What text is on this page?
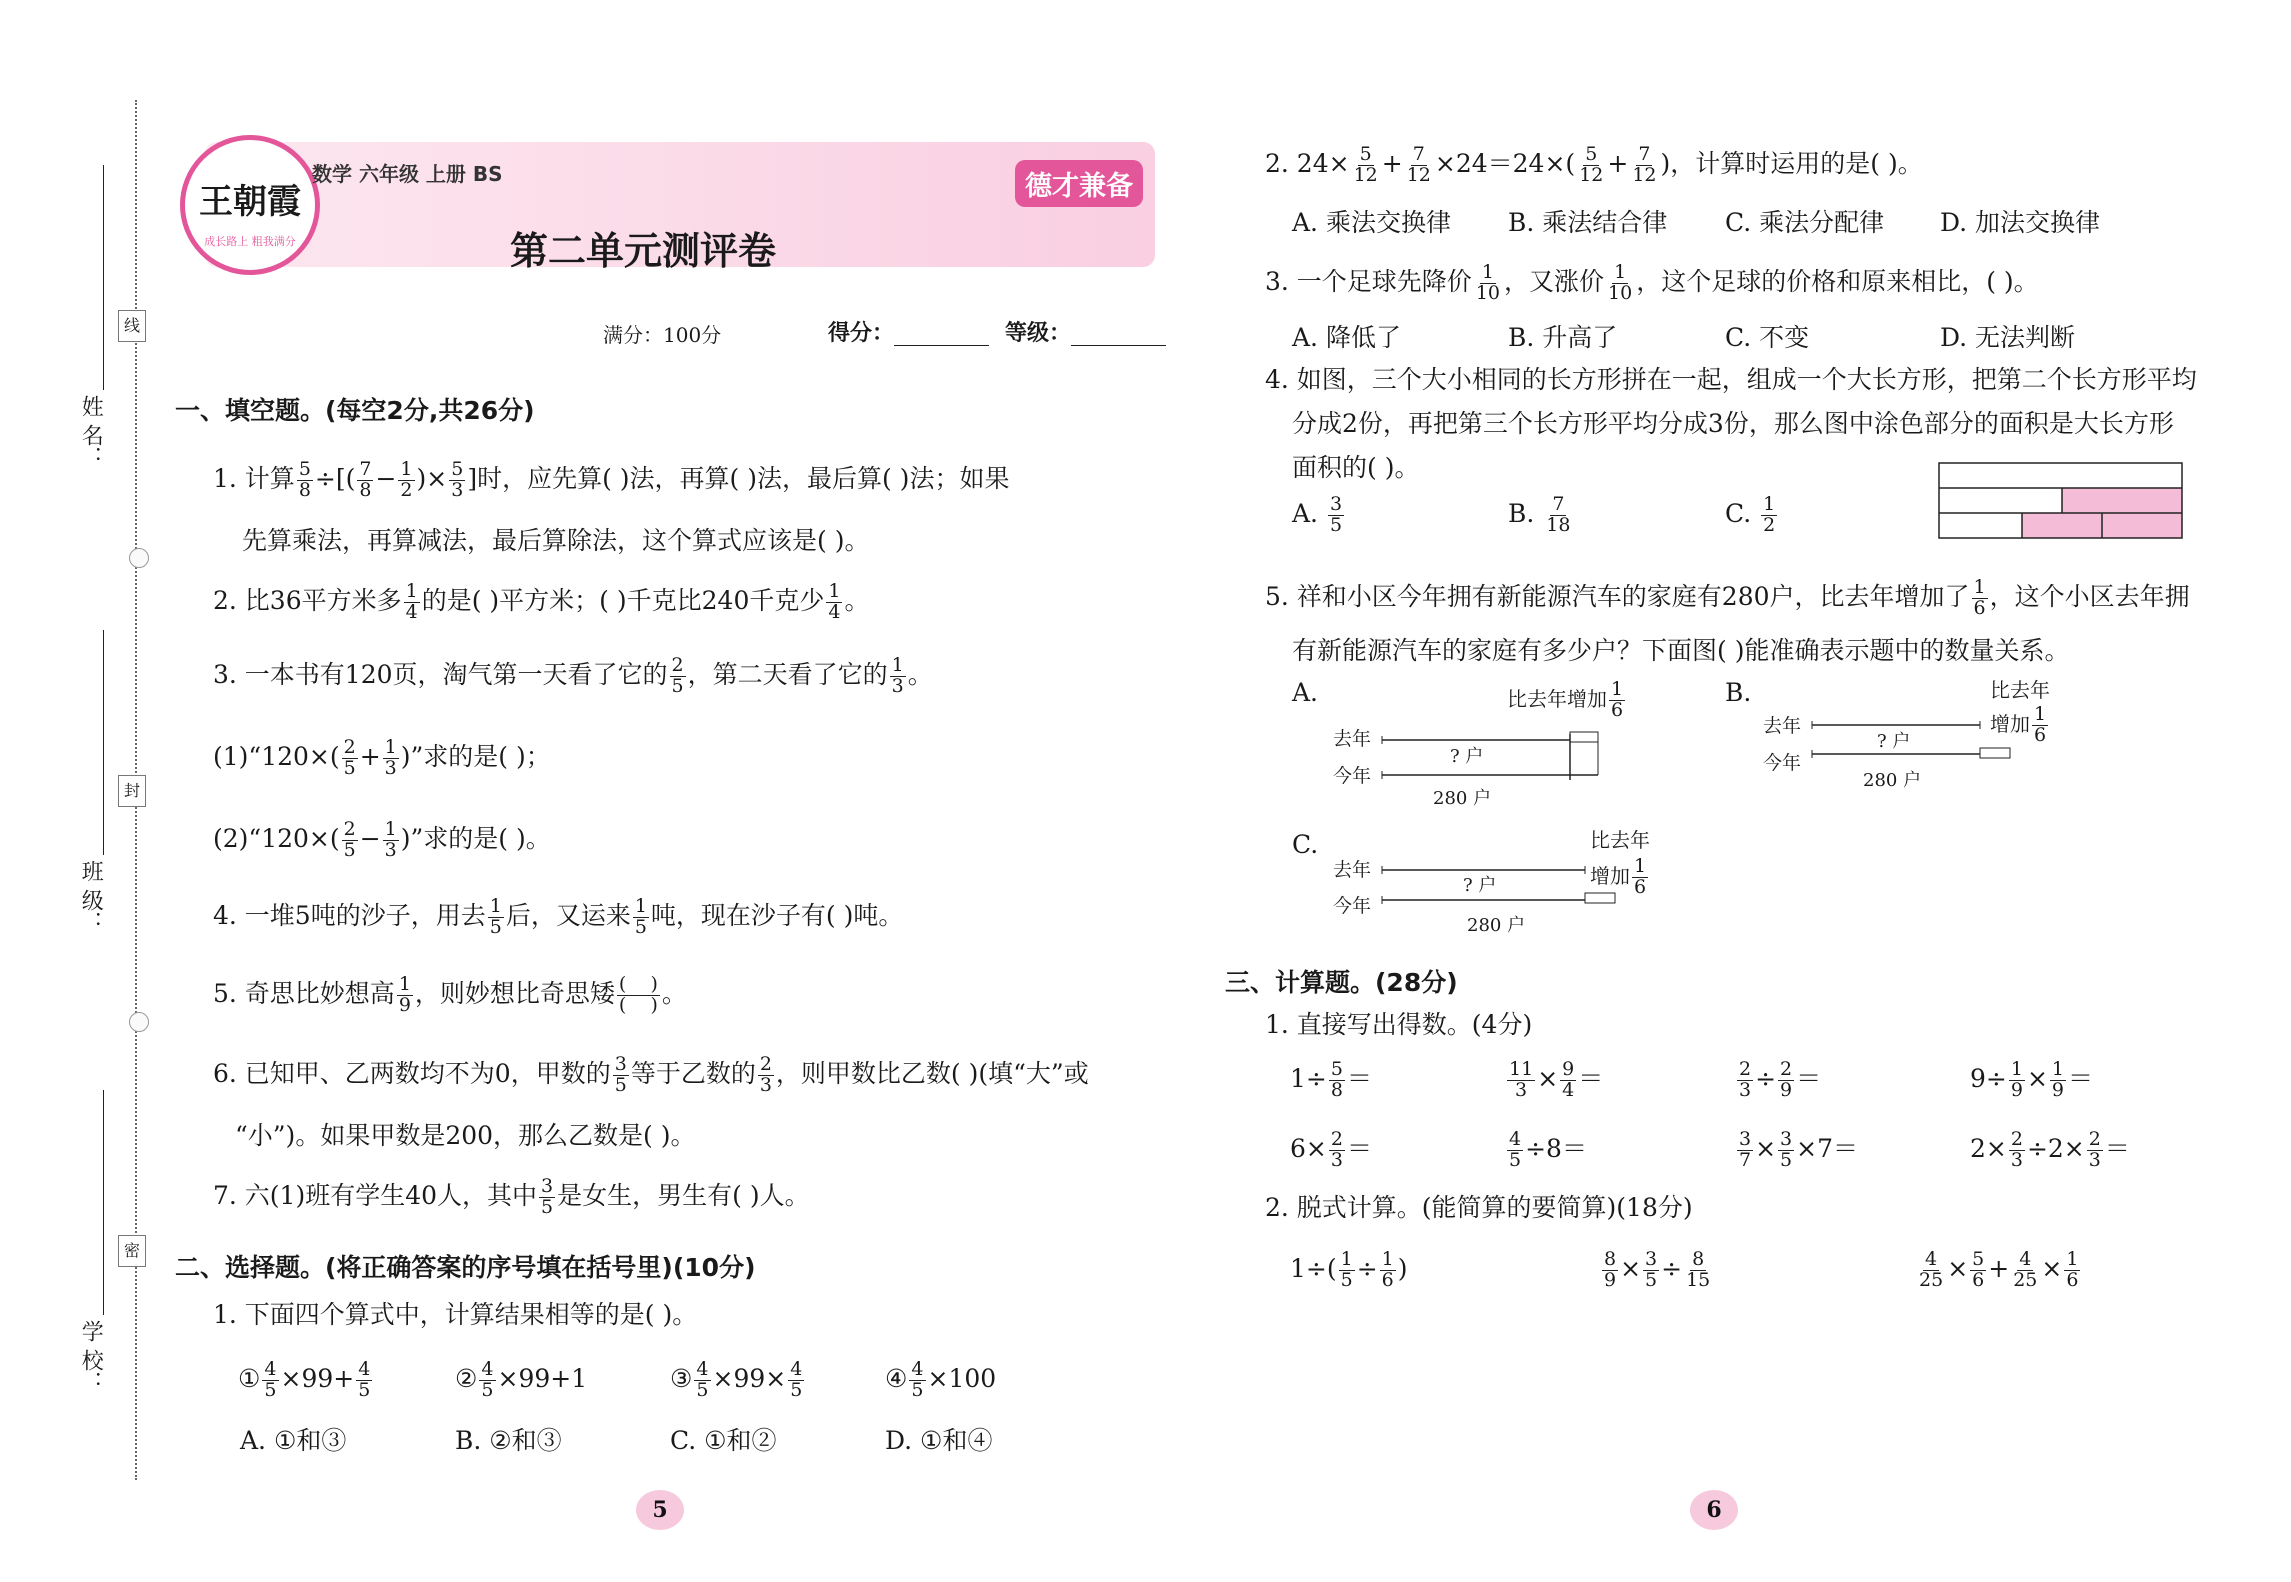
线
封
密
姓 名：
班 级：
学 校：
王朝霞
成长路上 粗我满分
数学 六年级 上册 BS	德才兼备
第二单元测评卷
满分：100分	得分：	等级：
一、填空题。(每空2分,共26分)
1. 计算 $\frac{5}{8}$ ÷[( $\frac{7}{8} - \frac{1}{2}$ )× $\frac{5}{3}$ ]时，应先算( )法，再算( )法，最后算( )法；如果
先算乘法，再算减法，最后算除法，这个算式应该是( )。
2. 比36平方米多 $\frac{1}{4}$ 的是( )平方米；( )千克比240千克少 $\frac{1}{4}$ 。
3. 一本书有120页，淘气第一天看了它的 $\frac{2}{5}$ ，第二天看了它的 $\frac{1}{3}$ 。
(1)“120×( $\frac{2}{5} + \frac{1}{3}$ )”求的是( )；
(2)“120×( $\frac{2}{5} - \frac{1}{3}$ )”求的是( )。
4. 一堆5吨的沙子，用去 $\frac{1}{5}$ 后，又运来 $\frac{1}{5}$ 吨，现在沙子有( )吨。
5. 奇思比妙想高 $\frac{1}{9}$ ，则妙想比奇思矮 (    )
(    ) 。
6. 已知甲、乙两数均不为0，甲数的 $\frac{3}{5}$ 等于乙数的 $\frac{2}{3}$ ，则甲数比乙数( )(填“大”或
“小”)。如果甲数是200，那么乙数是( )。
7. 六(1)班有学生40人，其中 $\frac{3}{5}$ 是女生，男生有( )人。
二、选择题。(将正确答案的序号填在括号里)(10分)
1. 下面四个算式中，计算结果相等的是( )。
① $\frac{4}{5} \times 99+ \frac{4}{5}$	② $\frac{4}{5} \times 99+1$	③ $\frac{4}{5} \times 99\times \frac{4}{5}$	④ $\frac{4}{5} \times 100$
A. ①和③	B. ②和③	C. ①和②	D. ①和④
5
2. $24\times \frac{5}{12} + \frac{7}{12} \times 24=24\times( \frac{5}{12} + \frac{7}{12}$ )，计算时运用的是( )。
A. 乘法交换律 B. 乘法结合律 C. 乘法分配律 D. 加法交换律
3. 一个足球先降价 $\frac{1}{10}$ ，又涨价 $\frac{1}{10}$ ，这个足球的价格和原来相比，( )。
A. 降低了	B. 升高了	C. 不变	D. 无法判断
4. 如图，三个大小相同的长方形拼在一起，组成一个大长方形，把第二个长方形平均
分成2份，再把第三个长方形平均分成3份，那么图中涂色部分的面积是大长方形
面积的( )。
A. $\frac{3}{5}$	B. $\frac{7}{18}$	C. $\frac{1}{2}$
5. 祥和小区今年拥有新能源汽车的家庭有280户，比去年增加了 $\frac{1}{6}$ ，这个小区去年拥
有新能源汽车的家庭有多少户？下面图( )能准确表示题中的数量关系。
A.	比去年增加 $\frac{1}{6}$
去年
今年
? 户
280 户
B.	比去年
增加 $\frac{1}{6}$
去年
今年
? 户
280 户
C.	比去年
增加 $\frac{1}{6}$
去年
今年
? 户
280 户
三、计算题。(28分)
1. 直接写出得数。(4分)
$1\div \frac{5}{8}$ ＝	$\frac{11}{3} \times \frac{9}{4}$ ＝	$\frac{2}{3} \div \frac{2}{9}$ ＝	$9\div \frac{1}{9} \times \frac{1}{9}$ ＝
$6\times \frac{2}{3}$ ＝	$\frac{4}{5} \div 8=$	$\frac{3}{7} \times \frac{3}{5} \times 7=$	$2\times \frac{2}{3} \div 2\times \frac{2}{3}$ ＝
2. 脱式计算。(能简算的要简算)(18分)
$1\div( \frac{1}{5} \div \frac{1}{6}$ )	$\frac{8}{9} \times \frac{3}{5} \div \frac{8}{15}$	$\frac{4}{25} \times \frac{5}{6} + \frac{4}{25} \times \frac{1}{6}$
6
